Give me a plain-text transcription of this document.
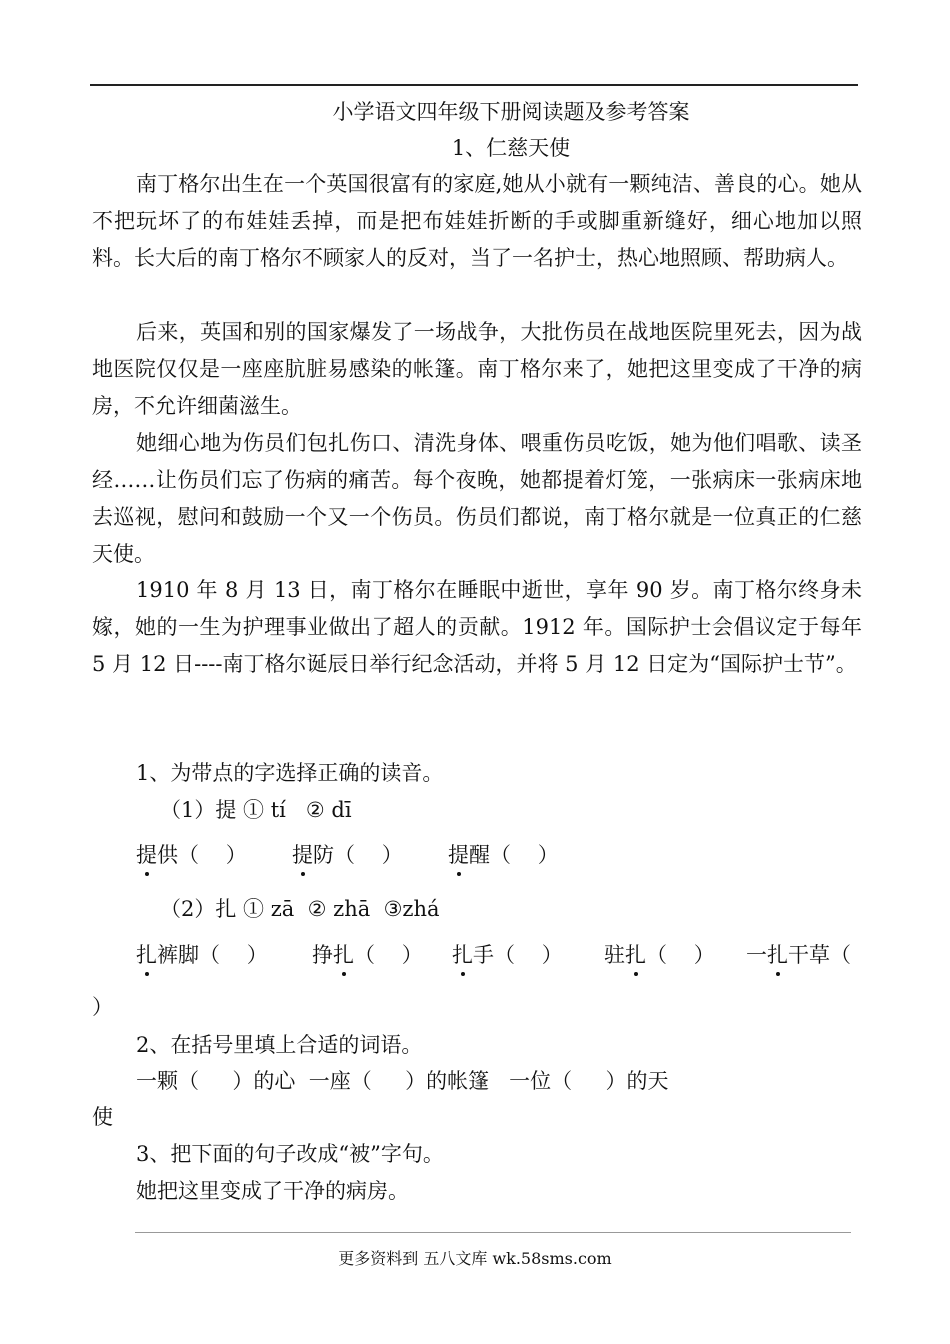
小学语文四年级下册阅读题及参考答案
1、仁慈天使
南丁格尔出生在一个英国很富有的家庭,她从小就有一颗纯洁、善良的心。她从不把玩坏了的布娃娃丢掉，而是把布娃娃折断的手或脚重新缝好，细心地加以照料。长大后的南丁格尔不顾家人的反对，当了一名护士，热心地照顾、帮助病人。
后来，英国和别的国家爆发了一场战争，大批伤员在战地医院里死去，因为战地医院仅仅是一座座肮脏易感染的帐篷。南丁格尔来了，她把这里变成了干净的病房，不允许细菌滋生。
她细心地为伤员们包扎伤口、清洗身体、喂重伤员吃饭，她为他们唱歌、读圣经……让伤员们忘了伤病的痛苦。每个夜晚，她都提着灯笼，一张病床一张病床地去巡视，慰问和鼓励一个又一个伤员。伤员们都说，南丁格尔就是一位真正的仁慈天使。
1910 年 8 月 13 日，南丁格尔在睡眠中逝世，享年 90 岁。南丁格尔终身未嫁，她的一生为护理事业做出了超人的贡献。1912 年。国际护士会倡议定于每年 5 月 12 日----南丁格尔诞辰日举行纪念活动，并将 5 月 12 日定为“国际护士节”。
1、为带点的字选择正确的读音。
（1）提 ① tí   ② dī
提供（    ） 提防（    ） 提醒（    ）
（2）扎 ① zā  ② zhā  ③zhá
扎裤脚（    ） 挣扎（    ） 扎手（    ） 驻扎（    ） 一扎干草（
）
2、在括号里填上合适的词语。
一颗（     ）的心  一座（     ）的帐篷   一位（     ）的天
使
3、把下面的句子改成“被”字句。
她把这里变成了干净的病房。
更多资料到 五八文库 wk.58sms.com
